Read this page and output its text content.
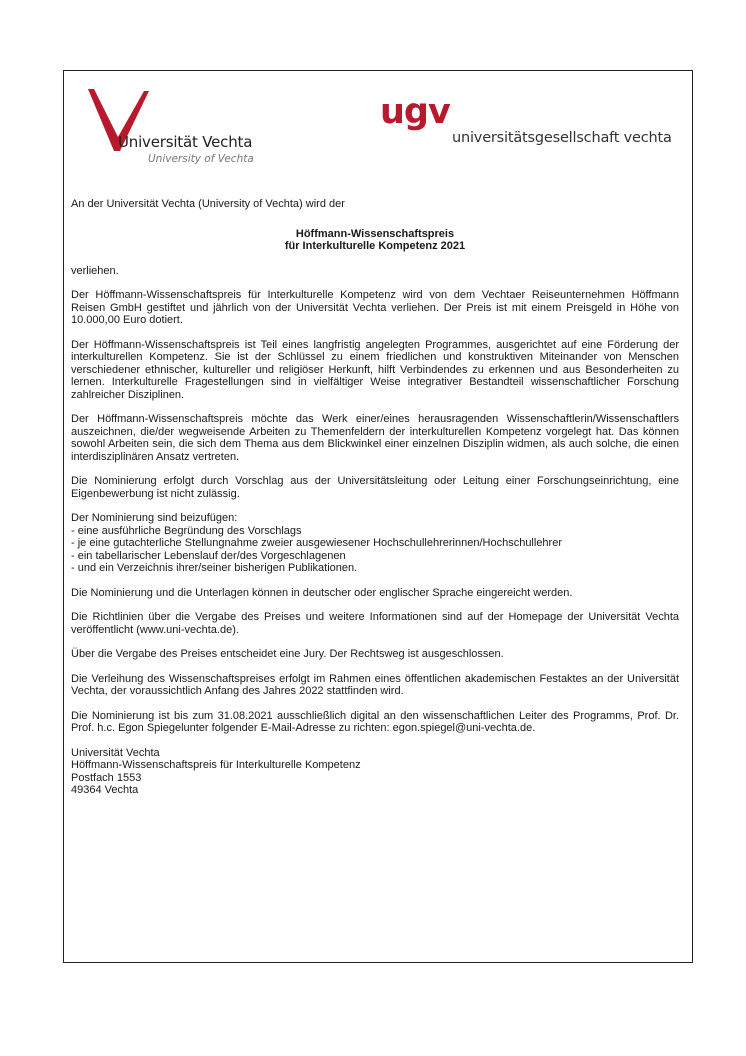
Universität Vechta
University of Vechta
ugv
universitätsgesellschaft vechta

An der Universität Vechta (University of Vechta) wird der

Höffmann-Wissenschaftspreis

für Interkulturelle Kompetenz 2021

verliehen.

Der Höffmann-Wissenschaftspreis für Interkulturelle Kompetenz wird von dem Vechtaer Reiseunternehmen Höffmann Reisen GmbH gestiftet und jährlich von der Universität Vechta verliehen. Der Preis ist mit einem Preisgeld in Höhe von 10.000,00 Euro dotiert.

Der Höffmann-Wissenschaftspreis ist Teil eines langfristig angelegten Programmes, ausgerichtet auf eine Förderung der interkulturellen Kompetenz. Sie ist der Schlüssel zu einem friedlichen und konstruktiven Miteinander von Menschen verschiedener ethnischer, kultureller und religiöser Herkunft, hilft Verbindendes zu erkennen und aus Besonderheiten zu lernen. Interkulturelle Fragestellungen sind in vielfältiger Weise integrativer Bestandteil wissenschaftlicher Forschung zahlreicher Disziplinen.

Der Höffmann-Wissenschaftspreis möchte das Werk einer/eines herausragenden Wissenschaftlerin/Wissenschaftlers auszeichnen, die/der wegweisende Arbeiten zu Themenfeldern der interkulturellen Kompetenz vorgelegt hat. Das können sowohl Arbeiten sein, die sich dem Thema aus dem Blickwinkel einer einzelnen Disziplin widmen, als auch solche, die einen interdisziplinären Ansatz vertreten.

Die Nominierung erfolgt durch Vorschlag aus der Universitätsleitung oder Leitung einer Forschungseinrichtung, eine Eigenbewerbung ist nicht zulässig.

Der Nominierung sind beizufügen:
- eine ausführliche Begründung des Vorschlags
- je eine gutachterliche Stellungnahme zweier ausgewiesener Hochschullehrerinnen/Hochschullehrer
- ein tabellarischer Lebenslauf der/des Vorgeschlagenen
- und ein Verzeichnis ihrer/seiner bisherigen Publikationen.

Die Nominierung und die Unterlagen können in deutscher oder englischer Sprache eingereicht werden.

Die Richtlinien über die Vergabe des Preises und weitere Informationen sind auf der Homepage der Universität Vechta veröffentlicht (www.uni-vechta.de).

Über die Vergabe des Preises entscheidet eine Jury. Der Rechtsweg ist ausgeschlossen.

Die Verleihung des Wissenschaftspreises erfolgt im Rahmen eines öffentlichen akademischen Festaktes an der Universität Vechta, der voraussichtlich Anfang des Jahres 2022 stattfinden wird.

Die Nominierung ist bis zum 31.08.2021 ausschließlich digital an den wissenschaftlichen Leiter des Programms, Prof. Dr. Prof. h.c. Egon Spiegelunter folgender E-Mail-Adresse zu richten: egon.spiegel@uni-vechta.de.

Universität Vechta
Höffmann-Wissenschaftspreis für Interkulturelle Kompetenz
Postfach 1553
49364 Vechta
